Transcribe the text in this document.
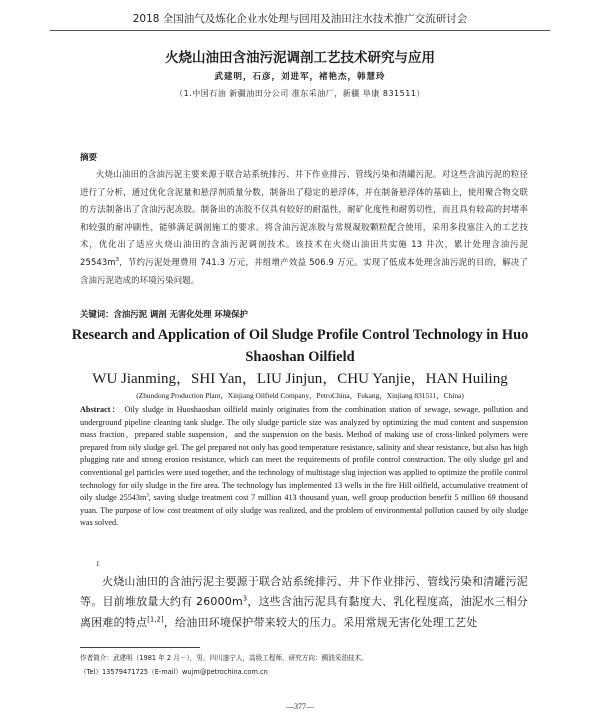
2018 全国油气及炼化企业水处理与回用及油田注水技术推广交流研讨会
火烧山油田含油污泥调剖工艺技术研究与应用
武建明，石彦，刘进军，褚艳杰，韩慧玲
（1.中国石油 新疆油田分公司 准东采油厂，新疆 阜康 831511）
摘要

火烧山油田的含油污泥主要来源于联合站系统排污、井下作业排污、管线污染和清罐污泥。对这些含油污泥的粒径进行了分析，通过优化含泥量和悬浮剂质量分数，制备出了稳定的悬浮体，并在制备悬浮体的基础上，使用聚合物交联的方法制备出了含油污泥冻胶。制备出的冻胶不仅具有较好的耐温性，耐矿化度性和耐剪切性，而且具有较高的封堵率和较强的耐冲刷性，能够满足调剖施工的要求。将含油污泥冻胶与常规凝胶颗粒配合使用，采用多段塞注入的工艺技术，优化出了适应火烧山油田的含油污泥调剖技术。该技术在火烧山油田共实施 13 井次，累计处理含油污泥 $25543m^3$，节约污泥处理费用 741.3 万元，井组增产效益 506.9 万元。实现了低成本处理含油污泥的目的，解决了含油污泥造成的环境污染问题。

关键词：含油污泥 调剖 无害化处理 环境保护

Research and Application of Oil Sludge Profile Control Technology in Huo Shaoshan Oilfield

WU Jianming，SHI Yan，LIU Jinjun，CHU Yanjie，HAN Huiling
(Zhundong Production Plant，Xinjiang Oilfield Company，PetroChina，Fukang，Xinjiang 831511，China)

Abstract： Oily sludge in Huoshaoshan oilfield mainly originates from the combination station of sewage, sewage, pollution and underground pipeline cleaning tank sludge. The oily sludge particle size was analyzed by optimizing the mud content and suspension mass fraction，prepared stable suspension，and the suspension on the basis. Method of making use of cross-linked polymers were prepared from oily sludge gel. The gel prepared not only has good temperature resistance, salinity and shear resistance, but also has high plugging rate and strong erosion resistance, which can meet the requirements of profile control construction. The oily sludge gel and conventional gel particles were used together, and the technology of multistage slug injection was applied to optimize the profile control technology for oily sludge in the fire area. The technology has implemented 13 wells in the fire Hill oilfield, accumulative treatment of oily sludge $25543m^3$, saving sludge treatment cost 7 million 413 thousand yuan, well group production benefit 5 million 69 thousand yuan. The purpose of low cost treatment of oily sludge was realized, and the problem of environmental pollution caused by oily sludge was solved.

1

火烧山油田的含油污泥主要源于联合站系统排污、井下作业排污、管线污染和清罐污泥等。目前堆放量大约有 $26000m^3$，这些含油污泥具有黏度大、乳化程度高，油泥水三相分离困难的特点[1,2]，给油田环境保护带来较大的压力。采用常规无害化处理工艺处

作者简介：武建明（1981 年 2 月－），男，四川遂宁人，高级工程师，研究方向：稠油采油技术。
（Tel）13579471725（E-mail）wujm@petrochina.com.cn
—377—
